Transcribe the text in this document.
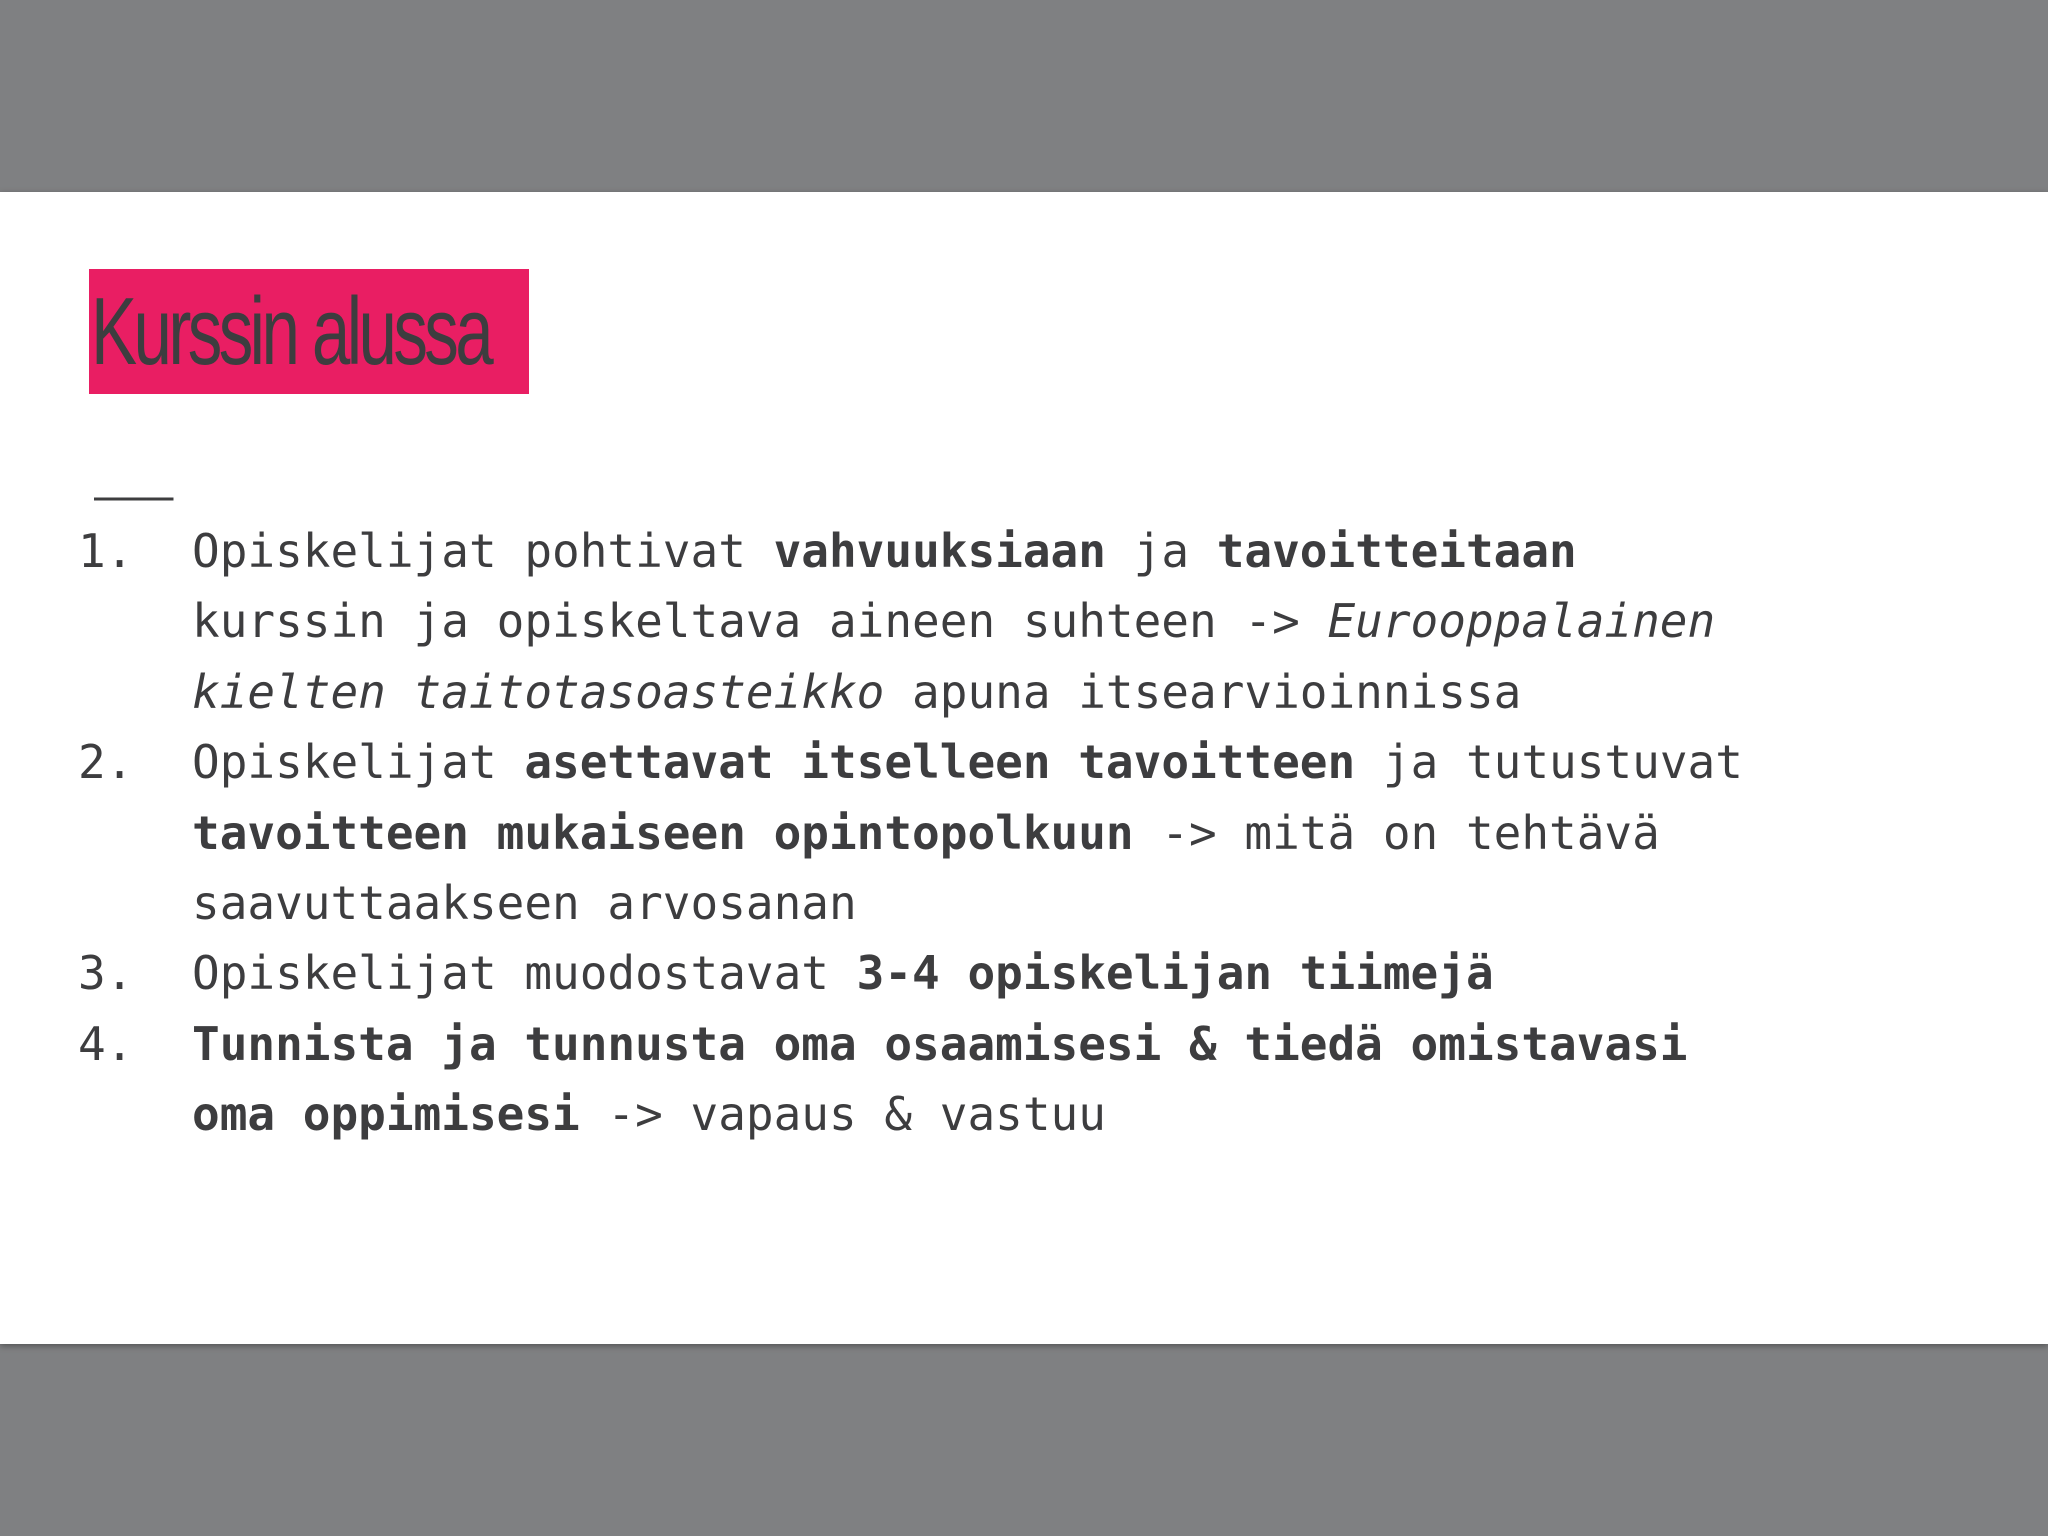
Kurssin alussa
———
1.	Opiskelijat pohtivat vahvuuksiaan ja tavoitteitaan
kurssin ja opiskeltava aineen suhteen -> Eurooppalainen
kielten taitotasoasteikko apuna itsearvioinnissa
2.	Opiskelijat asettavat itselleen tavoitteen ja tutustuvat
tavoitteen mukaiseen opintopolkuun -> mitä on tehtävä
saavuttaakseen arvosanan
3.	Opiskelijat muodostavat 3-4 opiskelijan tiimejä
4.	Tunnista ja tunnusta oma osaamisesi & tiedä omistavasi
oma oppimisesi -> vapaus & vastuu
